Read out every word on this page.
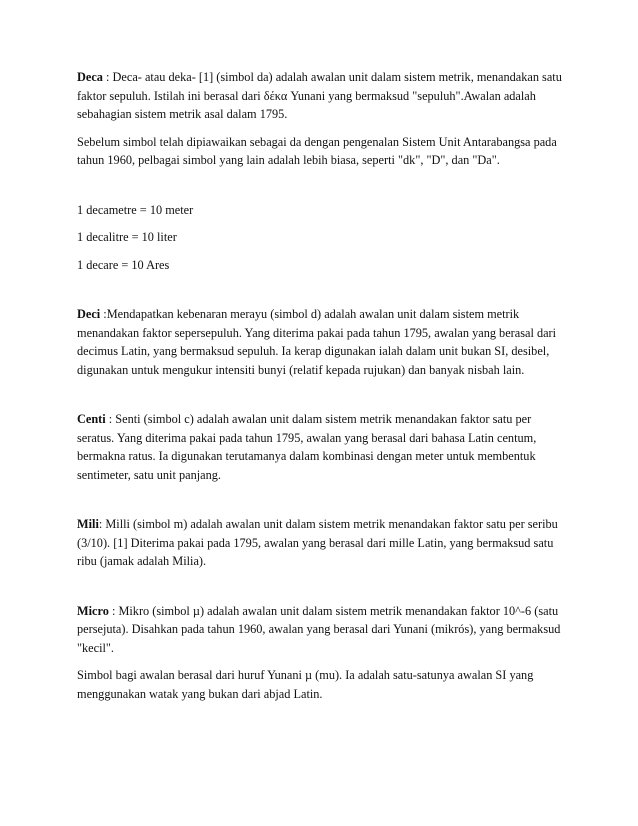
Deca : Deca- atau deka- [1] (simbol da) adalah awalan unit dalam sistem metrik, menandakan satu faktor sepuluh. Istilah ini berasal dari δέκα Yunani yang bermaksud "sepuluh".Awalan adalah sebahagian sistem metrik asal dalam 1795.

Sebelum simbol telah dipiawaikan sebagai da dengan pengenalan Sistem Unit Antarabangsa pada tahun 1960, pelbagai simbol yang lain adalah lebih biasa, seperti "dk", "D", dan "Da".

1 decametre = 10 meter

1 decalitre = 10 liter

1 decare = 10 Ares

Deci :Mendapatkan kebenaran merayu (simbol d) adalah awalan unit dalam sistem metrik menandakan faktor sepersepuluh. Yang diterima pakai pada tahun 1795, awalan yang berasal dari decimus Latin, yang bermaksud sepuluh. Ia kerap digunakan ialah dalam unit bukan SI, desibel, digunakan untuk mengukur intensiti bunyi (relatif kepada rujukan) dan banyak nisbah lain.

Centi : Senti (simbol c) adalah awalan unit dalam sistem metrik menandakan faktor satu per seratus. Yang diterima pakai pada tahun 1795, awalan yang berasal dari bahasa Latin centum, bermakna ratus. Ia digunakan terutamanya dalam kombinasi dengan meter untuk membentuk sentimeter, satu unit panjang.

Mili: Milli (simbol m) adalah awalan unit dalam sistem metrik menandakan faktor satu per seribu (3/10). [1] Diterima pakai pada 1795, awalan yang berasal dari mille Latin, yang bermaksud satu ribu (jamak adalah Milia).

Micro : Mikro (simbol µ) adalah awalan unit dalam sistem metrik menandakan faktor 10^-6 (satu persejuta). Disahkan pada tahun 1960, awalan yang berasal dari Yunani (mikrós), yang bermaksud "kecil".

Simbol bagi awalan berasal dari huruf Yunani µ (mu). Ia adalah satu-satunya awalan SI yang menggunakan watak yang bukan dari abjad Latin.
